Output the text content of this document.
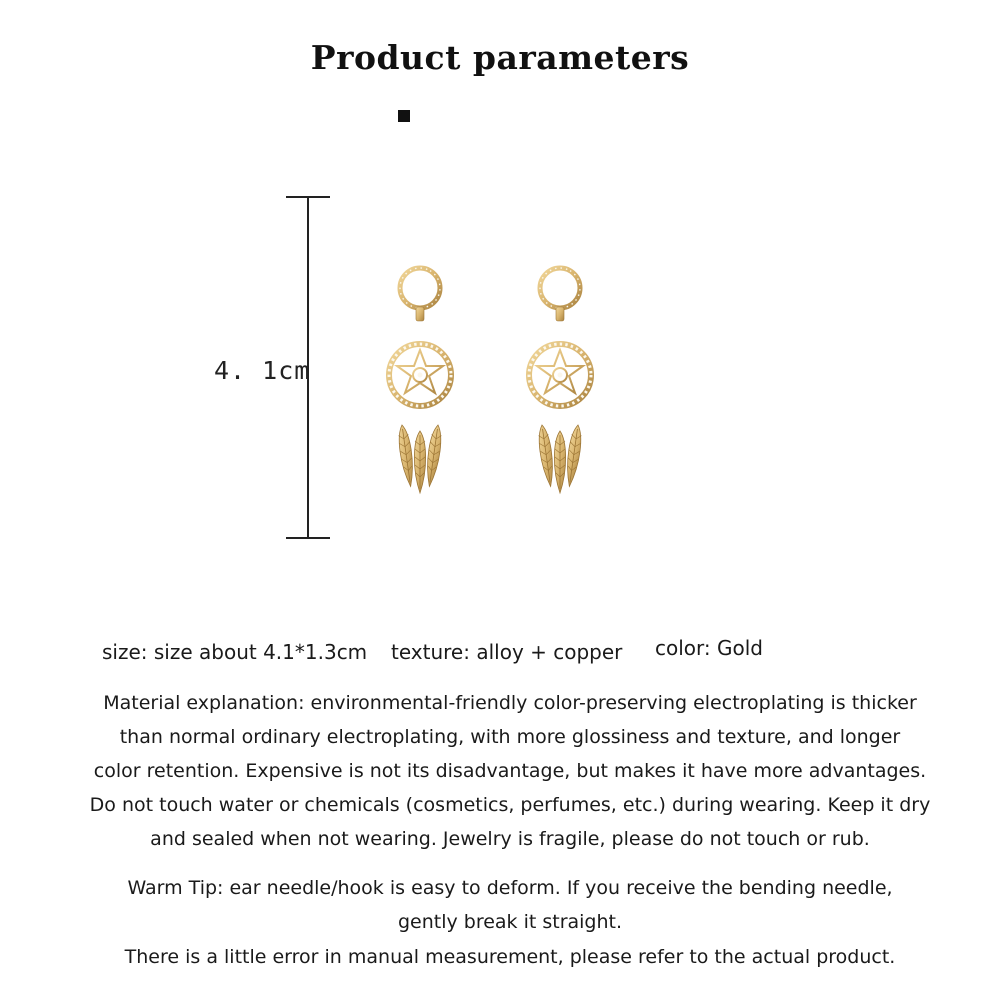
Product parameters
4. 1cm
size: size about 4.1*1.3cm texture: alloy + copper color: Gold
Material explanation: environmental-friendly color-preserving electroplating is thicker
than normal ordinary electroplating, with more glossiness and texture, and longer
color retention. Expensive is not its disadvantage, but makes it have more advantages.
Do not touch water or chemicals (cosmetics, perfumes, etc.) during wearing. Keep it dry
and sealed when not wearing. Jewelry is fragile, please do not touch or rub.
Warm Tip: ear needle/hook is easy to deform. If you receive the bending needle,
gently break it straight.
There is a little error in manual measurement, please refer to the actual product.
